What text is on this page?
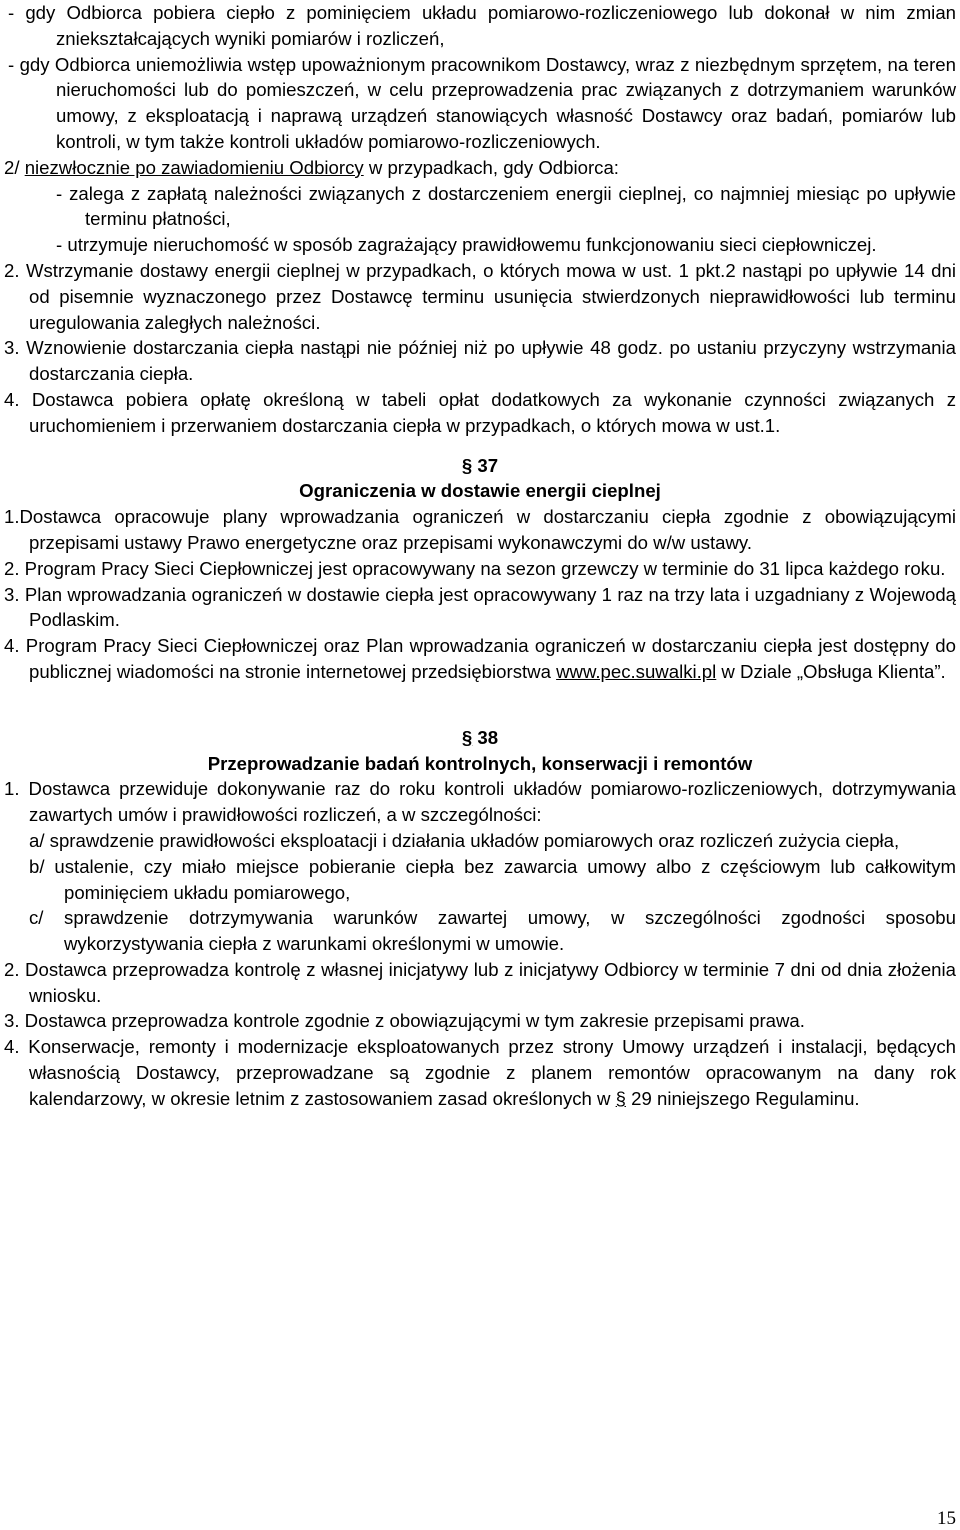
- gdy Odbiorca pobiera ciepło z pominięciem układu pomiarowo-rozliczeniowego lub dokonał w nim zmian zniekształcających wyniki pomiarów i rozliczeń,
- gdy Odbiorca uniemożliwia wstęp upoważnionym pracownikom Dostawcy, wraz z niezbędnym sprzętem, na teren nieruchomości lub do pomieszczeń, w celu przeprowadzenia prac związanych z dotrzymaniem warunków umowy, z eksploatacją i naprawą urządzeń stanowiących własność Dostawcy oraz badań, pomiarów lub kontroli, w tym także kontroli układów pomiarowo-rozliczeniowych.
2/ niezwłocznie po zawiadomieniu Odbiorcy w przypadkach, gdy Odbiorca:
- zalega z zapłatą należności związanych z dostarczeniem energii cieplnej, co najmniej miesiąc po upływie terminu płatności,
- utrzymuje nieruchomość w sposób zagrażający prawidłowemu funkcjonowaniu sieci ciepłowniczej.
2. Wstrzymanie dostawy energii cieplnej w przypadkach, o których mowa w ust. 1 pkt.2 nastąpi po upływie 14 dni od pisemnie wyznaczonego przez Dostawcę terminu usunięcia stwierdzonych nieprawidłowości lub terminu uregulowania zaległych należności.
3. Wznowienie dostarczania ciepła nastąpi nie później niż po upływie 48 godz. po ustaniu przyczyny wstrzymania dostarczania ciepła.
4. Dostawca pobiera opłatę określoną w tabeli opłat dodatkowych za wykonanie czynności związanych z uruchomieniem i przerwaniem dostarczania ciepła w przypadkach, o których mowa w ust.1.
§ 37
Ograniczenia w dostawie energii cieplnej
1.Dostawca opracowuje plany wprowadzania ograniczeń w dostarczaniu ciepła zgodnie z obowiązującymi przepisami ustawy Prawo energetyczne oraz przepisami wykonawczymi do w/w ustawy.
2. Program Pracy Sieci Ciepłowniczej jest opracowywany na sezon grzewczy w terminie do 31 lipca każdego roku.
3. Plan wprowadzania ograniczeń w dostawie ciepła jest opracowywany 1 raz na trzy lata i uzgadniany z Wojewodą Podlaskim.
4. Program Pracy Sieci Ciepłowniczej oraz Plan wprowadzania ograniczeń w dostarczaniu ciepła jest dostępny do publicznej wiadomości na stronie internetowej przedsiębiorstwa www.pec.suwalki.pl w Dziale „Obsługa Klienta”.
§ 38
Przeprowadzanie badań kontrolnych, konserwacji i remontów
1. Dostawca przewiduje dokonywanie raz do roku kontroli układów pomiarowo-rozliczeniowych, dotrzymywania zawartych umów i prawidłowości rozliczeń, a w szczególności:
a/ sprawdzenie prawidłowości eksploatacji i działania układów pomiarowych oraz rozliczeń zużycia ciepła,
b/ ustalenie, czy miało miejsce pobieranie ciepła bez zawarcia umowy albo z częściowym lub całkowitym pominięciem układu pomiarowego,
c/ sprawdzenie dotrzymywania warunków zawartej umowy, w szczególności zgodności sposobu wykorzystywania ciepła z warunkami określonymi w umowie.
2. Dostawca przeprowadza kontrolę z własnej inicjatywy lub z inicjatywy Odbiorcy w terminie 7 dni od dnia złożenia wniosku.
3. Dostawca przeprowadza kontrole zgodnie z obowiązującymi w tym zakresie przepisami prawa.
4. Konserwacje, remonty i modernizacje eksploatowanych przez strony Umowy urządzeń i instalacji, będących własnością Dostawcy, przeprowadzane są zgodnie z planem remontów opracowanym na dany rok kalendarzowy, w okresie letnim z zastosowaniem zasad określonych w § 29 niniejszego Regulaminu.
15
